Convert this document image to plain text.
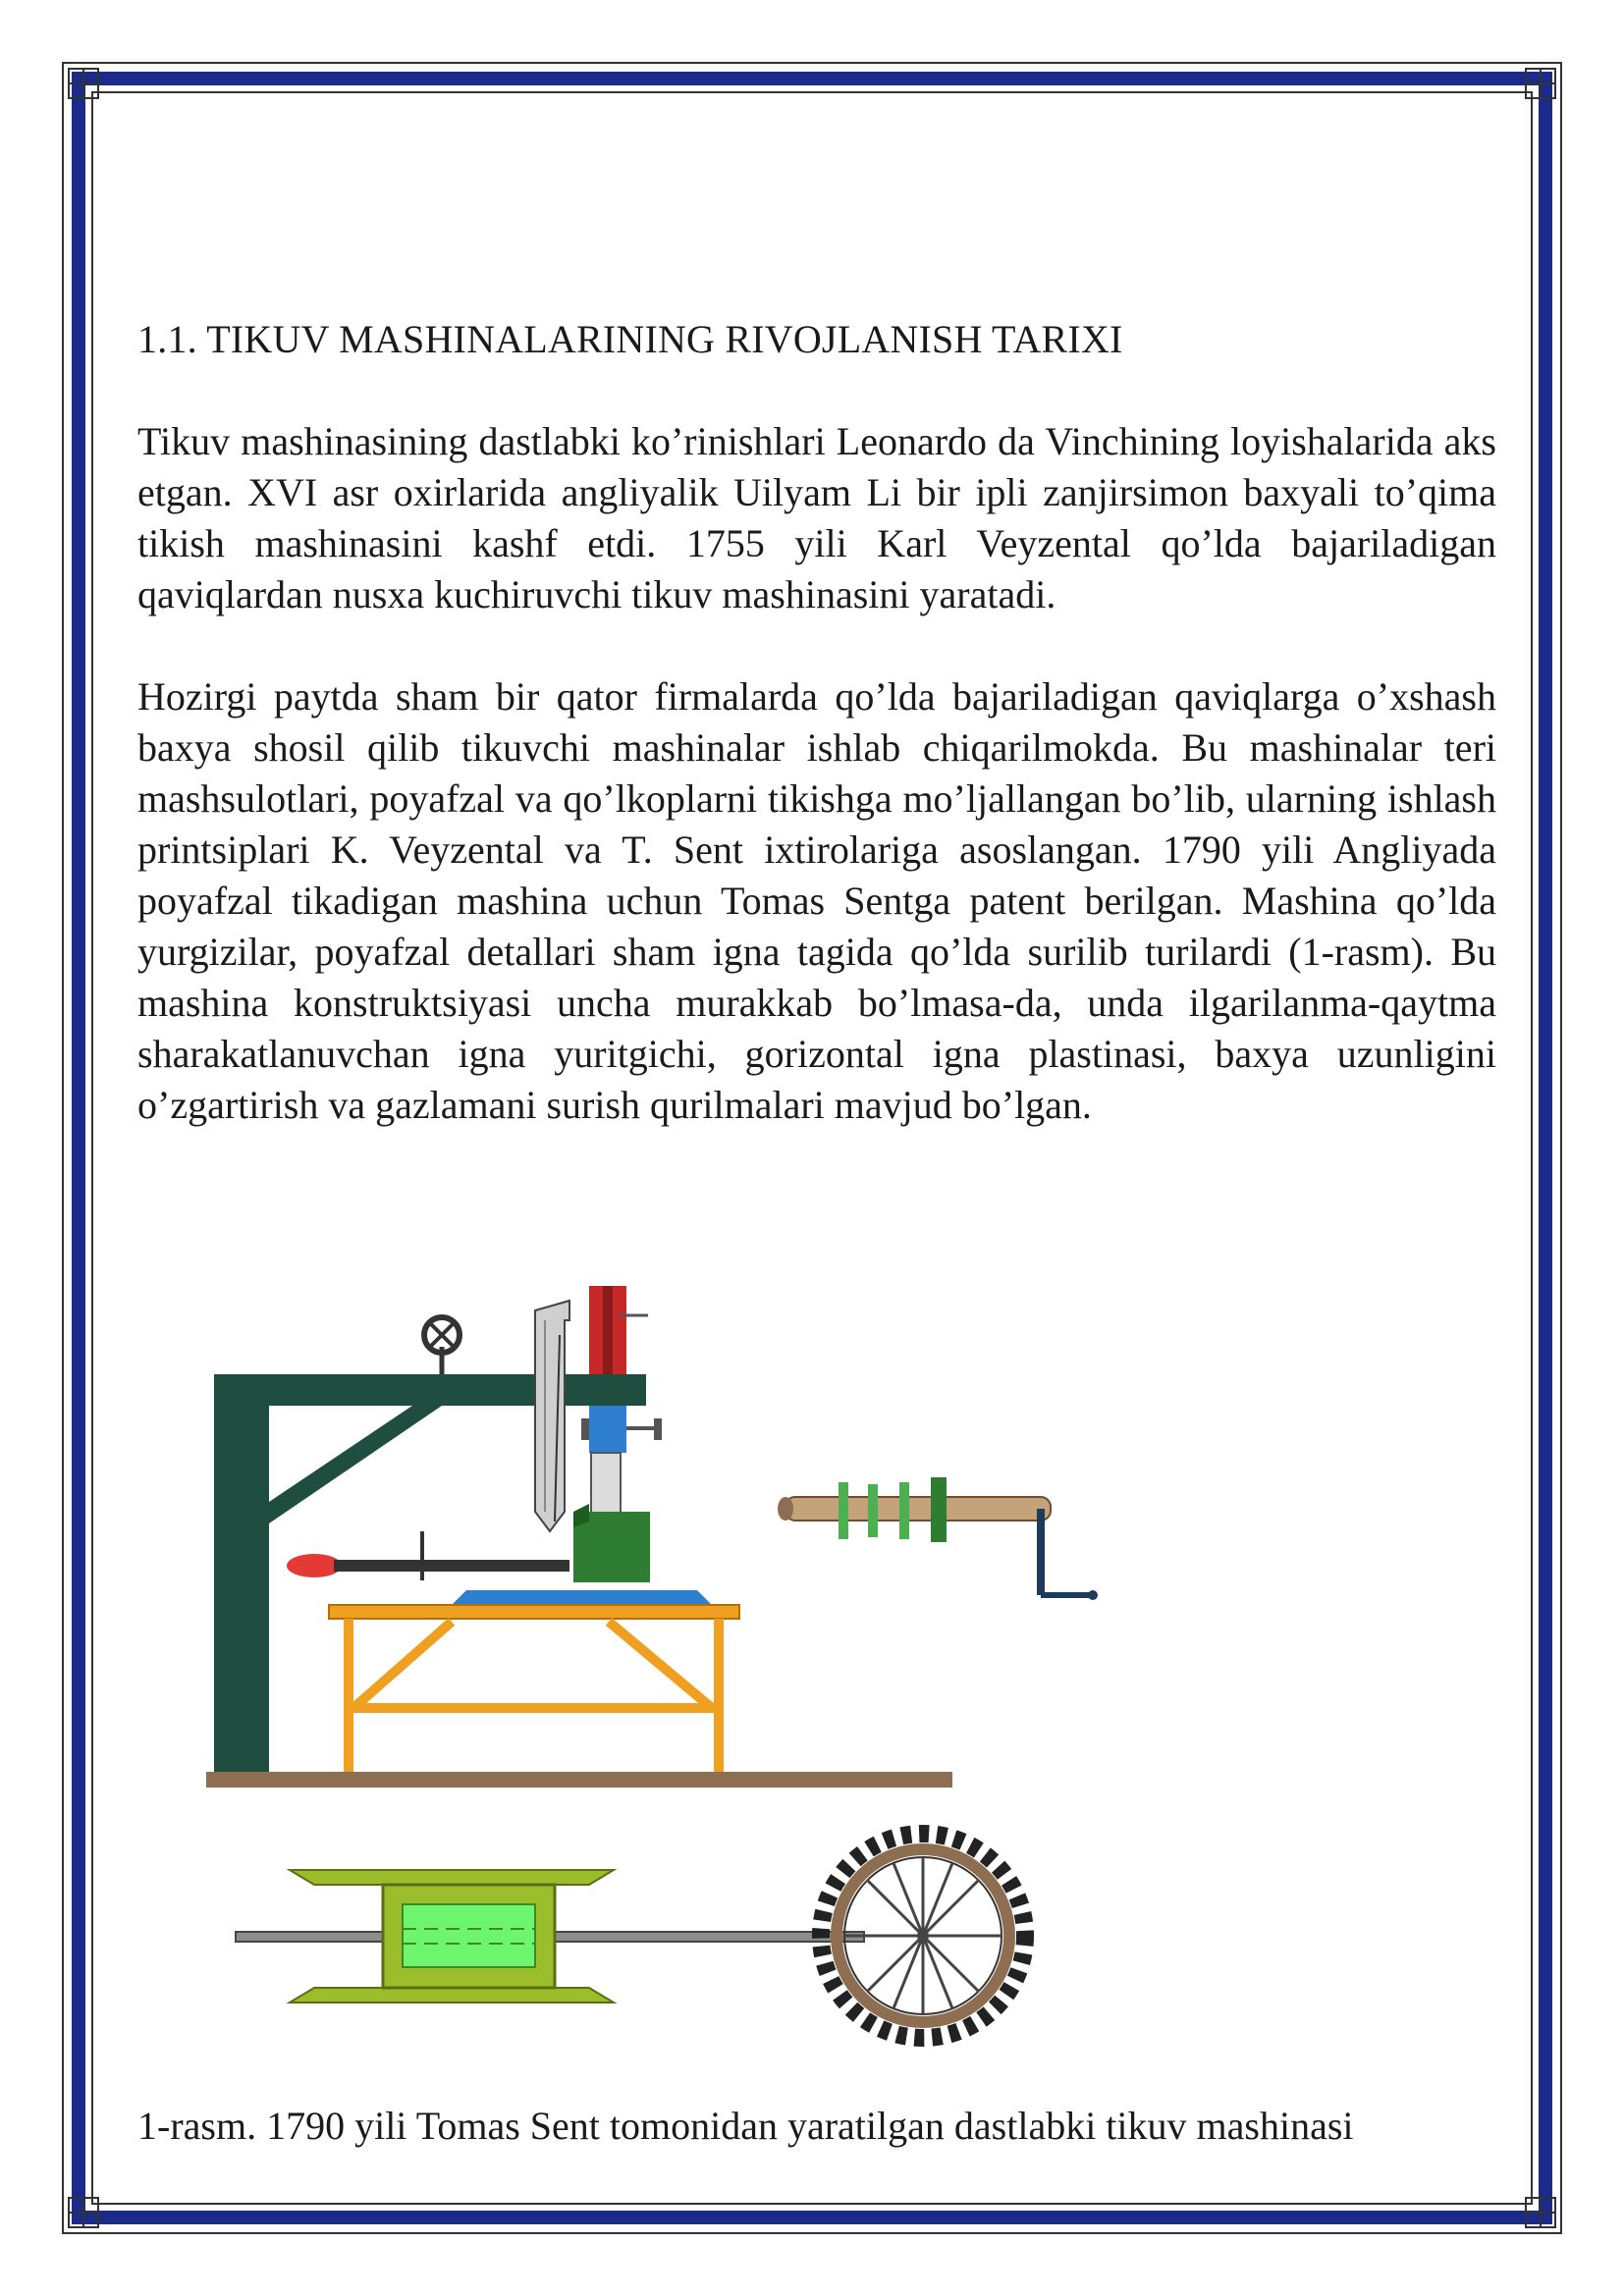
1.1. TIKUV MASHINALARINING RIVOJLANISH TARIXI

Tikuv mashinasining dastlabki ko’rinishlari Leonardo da Vinchining loyishalarida aks etgan. XVI asr oxirlarida angliyalik Uilyam Li bir ipli zanjirsimon baxyali to’qima tikish mashinasini kashf etdi. 1755 yili Karl Veyzental qo’lda bajariladigan qaviqlardan nusxa kuchiruvchi tikuv mashinasini yaratadi.

Hozirgi paytda sham bir qator firmalarda qo’lda bajariladigan qaviqlarga o’xshash baxya shosil qilib tikuvchi mashinalar ishlab chiqarilmokda. Bu mashinalar teri mashsulotlari, poyafzal va qo’lkoplarni tikishga mo’ljallangan bo’lib, ularning ishlash printsiplari K. Veyzental va T. Sent ixtirolariga asoslangan. 1790 yili Angliyada poyafzal tikadigan mashina uchun Tomas Sentga patent berilgan. Mashina qo’lda yurgizilar, poyafzal detallari sham igna tagida qo’lda surilib turilardi (1-rasm). Bu mashina konstruktsiyasi uncha murakkab bo’lmasa-da, unda ilgarilanma-qaytma sharakatlanuvchan igna yuritgichi, gorizontal igna plastinasi, baxya uzunligini o’zgartirish va gazlamani surish qurilmalari mavjud bo’lgan.

1-rasm. 1790 yili Tomas Sent tomonidan yaratilgan dastlabki tikuv mashinasi
